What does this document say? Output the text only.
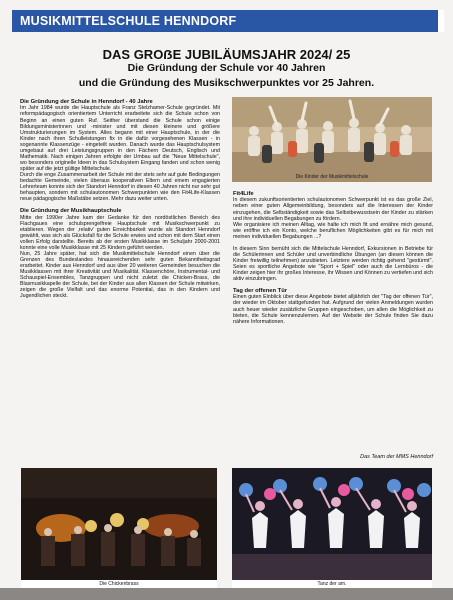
MUSIKMITTELSCHULE HENNDORF
DAS GROẞE JUBILÄUMSJAHR 2024/ 25
Die Gründung der Schule vor 40 Jahren
und die Gründung des Musikschwerpunktes vor 25 Jahren.
Die Gründung der Schule in Henndorf - 40 Jahre

Im Jahr 1984 wurde die Hauptschule als Franz Stelzhamer-Schule gegründet. Mit reformpädagogisch orientiertem Unterricht erarbeitete sich die Schule schon von Beginn an einen guten Ruf. Seither überstand die Schule schon einige Bildungsministerinnen und -minister und mit diesen kleinere und größere Umstrukturierungen im System. Alles begann mit einer Hauptschule, in der die Kinder nach ihren Schulleistungen fix in die dafür vorgesehenen Klassen - in sogenannte Klassenzüge - eingeteilt wurden. Danach wurde das Hauptschulsystem umgebaut auf drei Leistungsgruppen in den Fächern Deutsch, Englisch und Mathematik. Nach einigen Jahren erfolgte der Umbau auf die "Neue Mittelschule", wo besonders originelle Ideen in das Schulsystem Eingang fanden und schon wenig später auf die jetzt gültige Mittelschule.

Durch die enge Zusammenarbeit der Schule mit der stets sehr auf gute Bedingungen bedachte Gemeinde, vielen überaus kooperativen Eltern und einem engagierten Lehrerteam konnte sich der Standort Henndorf in diesen 40 Jahren nicht nur sehr gut behaupten, sondern mit schulautonomen Schwerpunkten wie den Fit4Life-Klassen neue pädagogische Maßstäbe setzen. Mehr dazu weiter unten.

Die Gründung der Musikhauptschule

Mitte der 1990er Jahre kam der Gedanke für den nordöstlichen Bereich des Flachgaues eine schulsprengelfreie Hauptschule mit Musikschwerpunkt zu etablieren. Wegen der ‚relativ' guten Erreichbarkeit wurde als Standort Henndorf gewählt, was sich als Glücksfall für die Schule erwies und schon mit dem Start einen vollen Erfolg darstellte. Bereits ab der ersten Musikklasse im Schuljahr 2000-2001 konnte eine volle Musikklasse mit 25 Kindern geführt werden.

Nun, 25 Jahre später, hat sich die Musikmittelschule Henndorf einen über die Grenzen des Bundeslandes hinausreichenden sehr guten Bekanntheitsgrad erarbeitet. Kinder aus Henndorf und aus über 20 weiteren Gemeinden besuchen die Musikklassen mit ihrer Kreativität und Musikalität. Klassenchöre, Instrumental- und Schauspiel-Ensembles, Tanzgruppen und nicht zuletzt die Chicken-Brass, die Blasmusikkapelle der Schule, bei der Kinder aus allen Klassen der Schule mitwirken, zeigen die große Vielfalt und das enorme Potential, das in den Kindern und Jugendlichen steckt.

Die Kinder der Musikmittelschule
Fit4Life

In diesem zukunftsorientierten schulautonomen Schwerpunkt ist es das große Ziel, neben einer guten Allgemeinbildung, besonders auf die Interessen der Kinder einzugehen, die Selbständigkeit sowie das Selbstbewusstsein der Kinder zu stärken und ihre individuellen Begabungen zu fördern.

Wie organisiere ich meinen Alltag, wie halte ich mich fit und ernähre mich gesund, wie eröffne ich ein Konto, welche beruflichen Möglichkeiten gibt es für mich mit meinen individuellen Begabungen ...?

In diesem Sinn bemüht sich die Mittelschule Henndorf, Exkursionen in Betriebe für die Schülerinnen und Schüler und unverbindliche Übungen (an diesen können die Kinder freiwillig teilnehmen) anzubieten. Letztere werden richtig gehend "gestürmt". Seien es sportliche Angebote wie "Sport + Spiel" oder auch die Lernbüros - die Kinder zeigen hier ihr großes Interesse, ihr Wissen und Können zu vertiefen und sich aktiv einzubringen.

Tag der offenen Tür

Einen guten Einblick über diese Angebote bietet alljährlich der "Tag der offenen Tür", der wieder im Oktober stattgefunden hat. Aufgrund der vielen Anmeldungen wurden auch heuer wieder zusätzliche Gruppen eingeschoben, um allen die Möglichkeit zu bieten, die Schule kennenzulernen. Auf der Website der Schule finden Sie dazu nähere Informationen.

Das Team der MMS Henndorf
Die Chickenbrass	Tanz der am.
